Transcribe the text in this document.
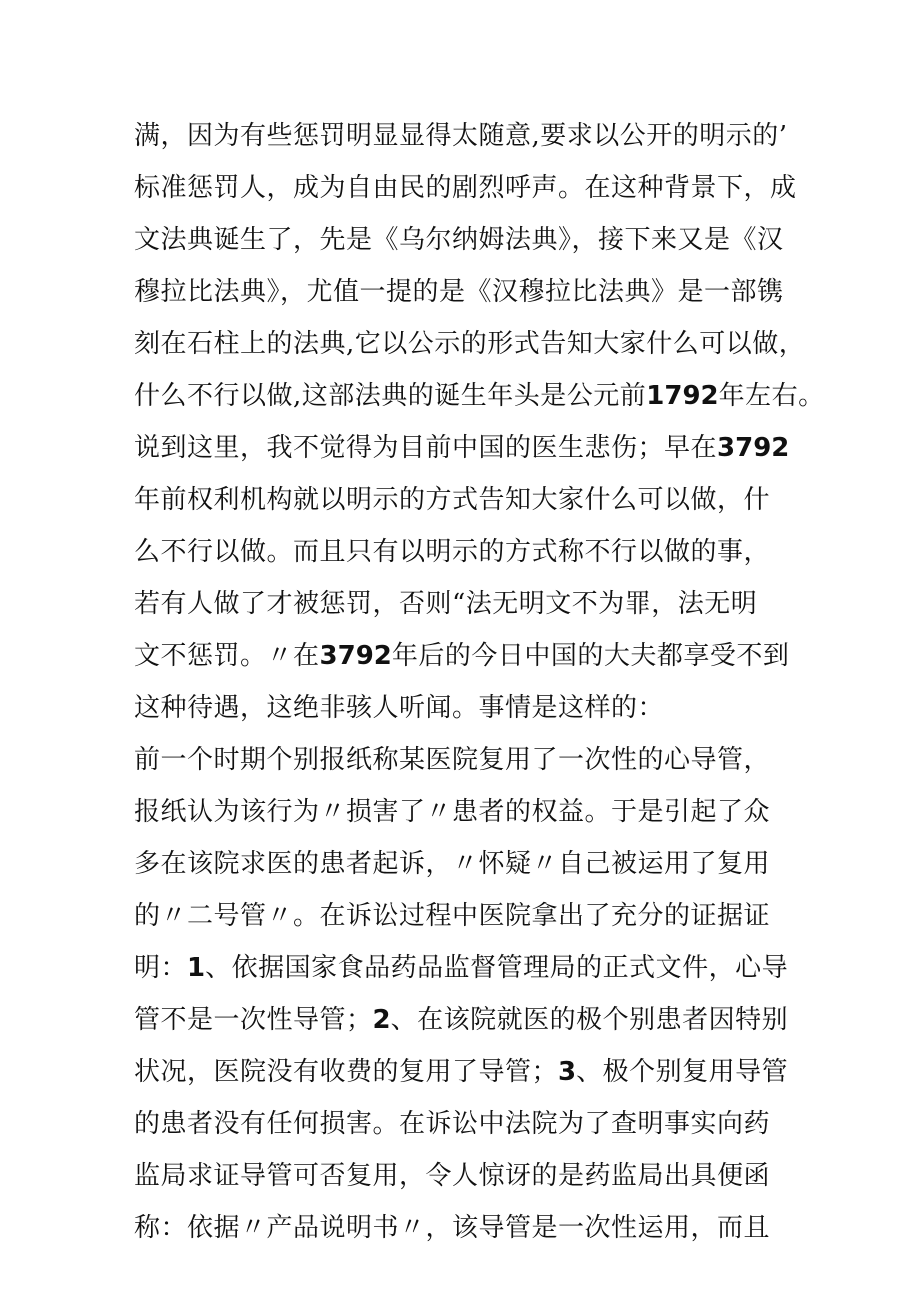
满，因为有些惩罚明显显得太随意,要求以公开的明示的’
标准惩罚人，成为自由民的剧烈呼声。在这种背景下，成
文法典诞生了，先是《乌尔纳姆法典》，接下来又是《汉
穆拉比法典》，尤值一提的是《汉穆拉比法典》是一部镌
刻在石柱上的法典,它以公示的形式告知大家什么可以做，
什么不行以做,这部法典的诞生年头是公元前1792年左右。
说到这里，我不觉得为目前中国的医生悲伤；早在3792
年前权利机构就以明示的方式告知大家什么可以做，什
么不行以做。而且只有以明示的方式称不行以做的事，
若有人做了才被惩罚，否则“法无明文不为罪，法无明
文不惩罚。〃在3792年后的今日中国的大夫都享受不到
这种待遇，这绝非骇人听闻。事情是这样的：
前一个时期个别报纸称某医院复用了一次性的心导管，
报纸认为该行为〃损害了〃患者的权益。于是引起了众
多在该院求医的患者起诉，〃怀疑〃自己被运用了复用
的〃二号管〃。在诉讼过程中医院拿出了充分的证据证
明：1、依据国家食品药品监督管理局的正式文件，心导
管不是一次性导管；2、在该院就医的极个别患者因特别
状况，医院没有收费的复用了导管；3、极个别复用导管
的患者没有任何损害。在诉讼中法院为了查明事实向药
监局求证导管可否复用，令人惊讶的是药监局出具便函
称：依据〃产品说明书〃，该导管是一次性运用，而且
